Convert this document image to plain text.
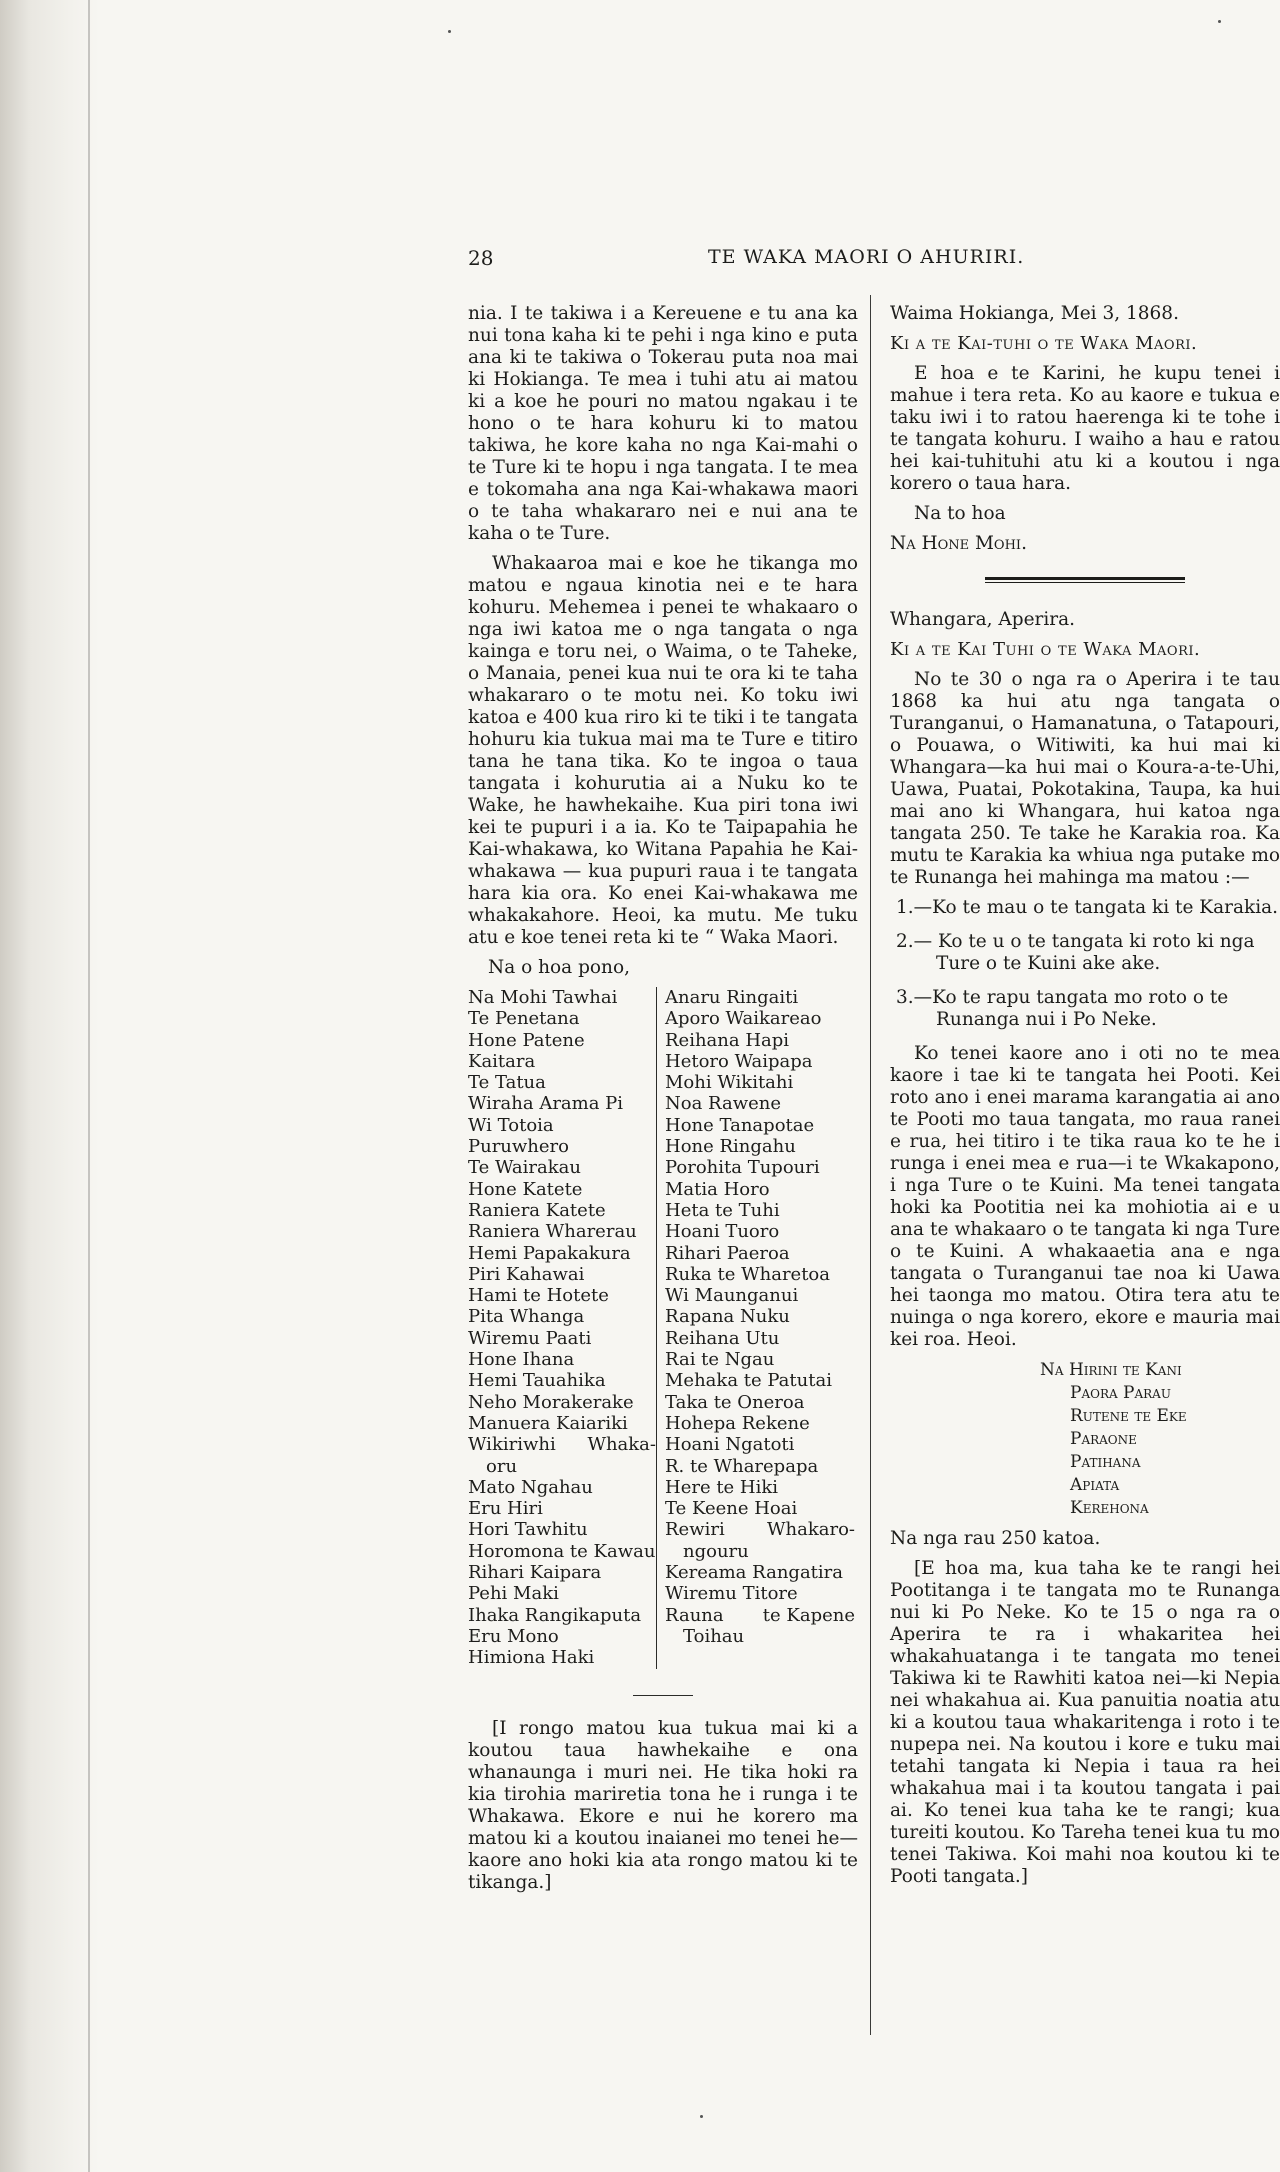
28	TE WAKA MAORI O AHURIRI.

nia. I te takiwa i a Kereuene e tu ana ka nui tona kaha ki te pehi i nga kino e puta ana ki te takiwa o Tokerau puta noa mai ki Hokianga. Te mea i tuhi atu ai matou ki a koe he pouri no matou ngakau i te hono o te hara kohuru ki to matou takiwa, he kore kaha no nga Kai-mahi o te Ture ki te hopu i nga tangata. I te mea e tokomaha ana nga Kai-whakawa maori o te taha whakararo nei e nui ana te kaha o te Ture.

Whakaaroa mai e koe he tikanga mo matou e ngaua kinotia nei e te hara kohuru. Mehemea i penei te whakaaro o nga iwi katoa me o nga tangata o nga kainga e toru nei, o Waima, o te Taheke, o Manaia, penei kua nui te ora ki te taha whakararo o te motu nei. Ko toku iwi katoa e 400 kua riro ki te tiki i te tangata hohuru kia tukua mai ma te Ture e titiro tana he tana tika. Ko te ingoa o taua tangata i kohurutia ai a Nuku ko te Wake, he hawhekaihe. Kua piri tona iwi kei te pupuri i a ia. Ko te Taipapahia he Kai-whakawa, ko Witana Papahia he Kai-whakawa — kua pupuri raua i te tangata hara kia ora. Ko enei Kai-whakawa me whakakahore. Heoi, ka mutu. Me tuku atu e koe tenei reta ki te “ Waka Maori.

Na o hoa pono,

Na Mohi Tawhai
Te Penetana
Hone Patene
Kaitara
Te Tatua
Wiraha Arama Pi
Wi Totoia
Puruwhero
Te Wairakau
Hone Katete
Raniera Katete
Raniera Wharerau
Hemi Papakakura
Piri Kahawai
Hami te Hotete
Pita Whanga
Wiremu Paati
Hone Ihana
Hemi Tauahika
Neho Morakerake
Manuera Kaiariki
Wikiriwhi Whaka-
oru
Mato Ngahau
Eru Hiri
Hori Tawhitu
Horomona te Kawau
Rihari Kaipara
Pehi Maki
Ihaka Rangikaputa
Eru Mono
Himiona Haki
Anaru Ringaiti
Aporo Waikareao
Reihana Hapi
Hetoro Waipapa
Mohi Wikitahi
Noa Rawene
Hone Tanapotae
Hone Ringahu
Porohita Tupouri
Matia Horo
Heta te Tuhi
Hoani Tuoro
Rihari Paeroa
Ruka te Wharetoa
Wi Maunganui
Rapana Nuku
Reihana Utu
Rai te Ngau
Mehaka te Patutai
Taka te Oneroa
Hohepa Rekene
Hoani Ngatoti
R. te Wharepapa
Here te Hiki
Te Keene Hoai
Rewiri Whakaro-
ngouru
Kereama Rangatira
Wiremu Titore
Rauna te Kapene
Toihau

[I rongo matou kua tukua mai ki a koutou taua hawhekaihe e ona whanaunga i muri nei. He tika hoki ra kia tirohia mariretia tona he i runga i te Whakawa. Ekore e nui he korero ma matou ki a koutou inaianei mo tenei he—kaore ano hoki kia ata rongo matou ki te tikanga.]

Waima Hokianga, Mei 3, 1868.

Ki a te Kai-tuhi o te Waka Maori.

E hoa e te Karini, he kupu tenei i mahue i tera reta. Ko au kaore e tukua e taku iwi i to ratou haerenga ki te tohe i te tangata kohuru. I waiho a hau e ratou hei kai-tuhituhi atu ki a koutou i nga korero o taua hara.

Na to hoa

Na Hone Mohi.

Whangara, Aperira.

Ki a te Kai Tuhi o te Waka Maori.

No te 30 o nga ra o Aperira i te tau 1868 ka hui atu nga tangata o Turanganui, o Hamanatuna, o Tatapouri, o Pouawa, o Witiwiti, ka hui mai ki Whangara—ka hui mai o Koura-a-te-Uhi, Uawa, Puatai, Pokotakina, Taupa, ka hui mai ano ki Whangara, hui katoa nga tangata 250. Te take he Karakia roa. Ka mutu te Karakia ka whiua nga putake mo te Runanga hei mahinga ma matou :—

1.—Ko te mau o te tangata ki te Karakia.

2.— Ko te u o te tangata ki roto ki nga Ture o te Kuini ake ake.

3.—Ko te rapu tangata mo roto o te Runanga nui i Po Neke.

Ko tenei kaore ano i oti no te mea kaore i tae ki te tangata hei Pooti. Kei roto ano i enei marama karangatia ai ano te Pooti mo taua tangata, mo raua ranei e rua, hei titiro i te tika raua ko te he i runga i enei mea e rua—i te Wkakapono, i nga Ture o te Kuini. Ma tenei tangata hoki ka Pootitia nei ka mohiotia ai e u ana te whakaaro o te tangata ki nga Ture o te Kuini. A whakaaetia ana e nga tangata o Turanganui tae noa ki Uawa hei taonga mo matou. Otira tera atu te nuinga o nga korero, ekore e mauria mai kei roa. Heoi.

Na Hirini te Kani
Paora Parau
Rutene te Eke
Paraone
Patihana
Apiata
Kerehona

Na nga rau 250 katoa.

[E hoa ma, kua taha ke te rangi hei Pootitanga i te tangata mo te Runanga nui ki Po Neke. Ko te 15 o nga ra o Aperira te ra i whakaritea hei whakahuatanga i te tangata mo tenei Takiwa ki te Rawhiti katoa nei—ki Nepia nei whakahua ai. Kua panuitia noatia atu ki a koutou taua whakaritenga i roto i te nupepa nei. Na koutou i kore e tuku mai tetahi tangata ki Nepia i taua ra hei whakahua mai i ta koutou tangata i pai ai. Ko tenei kua taha ke te rangi; kua tureiti koutou. Ko Tareha tenei kua tu mo tenei Takiwa. Koi mahi noa koutou ki te Pooti tangata.]
